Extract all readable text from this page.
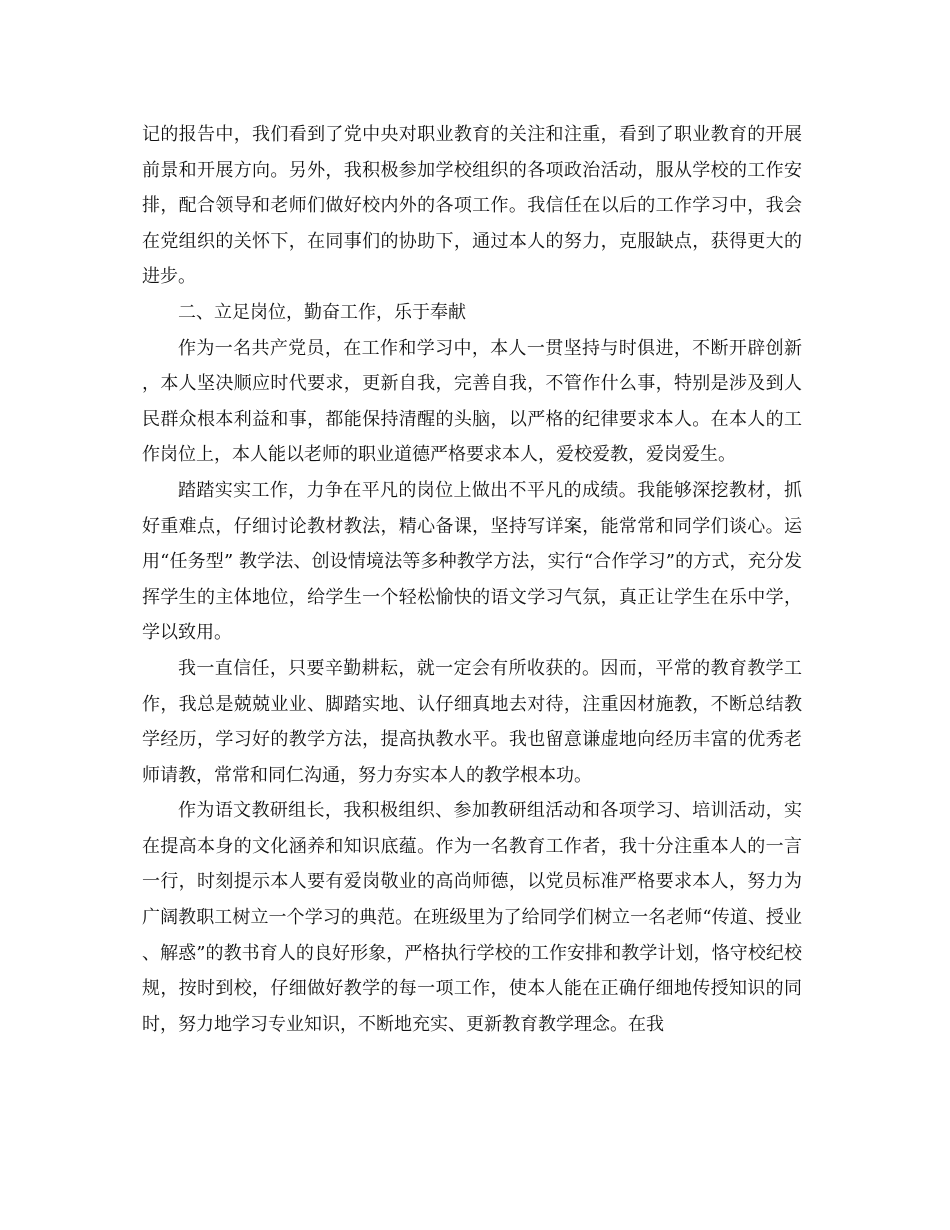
记的报告中，我们看到了党中央对职业教育的关注和注重，看到了职业教育的开展前景和开展方向。另外，我积极参加学校组织的各项政治活动，服从学校的工作安排，配合领导和老师们做好校内外的各项工作。我信任在以后的工作学习中，我会在党组织的关怀下，在同事们的协助下，通过本人的努力，克服缺点，获得更大的进步。

二、立足岗位，勤奋工作，乐于奉献

作为一名共产党员，在工作和学习中，本人一贯坚持与时俱进，不断开辟创新，本人坚决顺应时代要求，更新自我，完善自我，不管作什么事，特别是涉及到人民群众根本利益和事，都能保持清醒的头脑，以严格的纪律要求本人。在本人的工作岗位上，本人能以老师的职业道德严格要求本人，爱校爱教，爱岗爱生。

踏踏实实工作，力争在平凡的岗位上做出不平凡的成绩。我能够深挖教材，抓好重难点，仔细讨论教材教法，精心备课，坚持写详案，能常常和同学们谈心。运用“任务型” 教学法、创设情境法等多种教学方法，实行“合作学习”的方式，充分发挥学生的主体地位，给学生一个轻松愉快的语文学习气氛，真正让学生在乐中学，学以致用。

我一直信任，只要辛勤耕耘，就一定会有所收获的。因而，平常的教育教学工作，我总是兢兢业业、脚踏实地、认仔细真地去对待，注重因材施教，不断总结教学经历，学习好的教学方法，提高执教水平。我也留意谦虚地向经历丰富的优秀老师请教，常常和同仁沟通，努力夯实本人的教学根本功。

作为语文教研组长，我积极组织、参加教研组活动和各项学习、培训活动，实在提高本身的文化涵养和知识底蕴。作为一名教育工作者，我十分注重本人的一言一行，时刻提示本人要有爱岗敬业的高尚师德，以党员标准严格要求本人，努力为广阔教职工树立一个学习的典范。在班级里为了给同学们树立一名老师“传道、授业、解惑”的教书育人的良好形象，严格执行学校的工作安排和教学计划，恪守校纪校规，按时到校，仔细做好教学的每一项工作，使本人能在正确仔细地传授知识的同时，努力地学习专业知识，不断地充实、更新教育教学理念。在我
